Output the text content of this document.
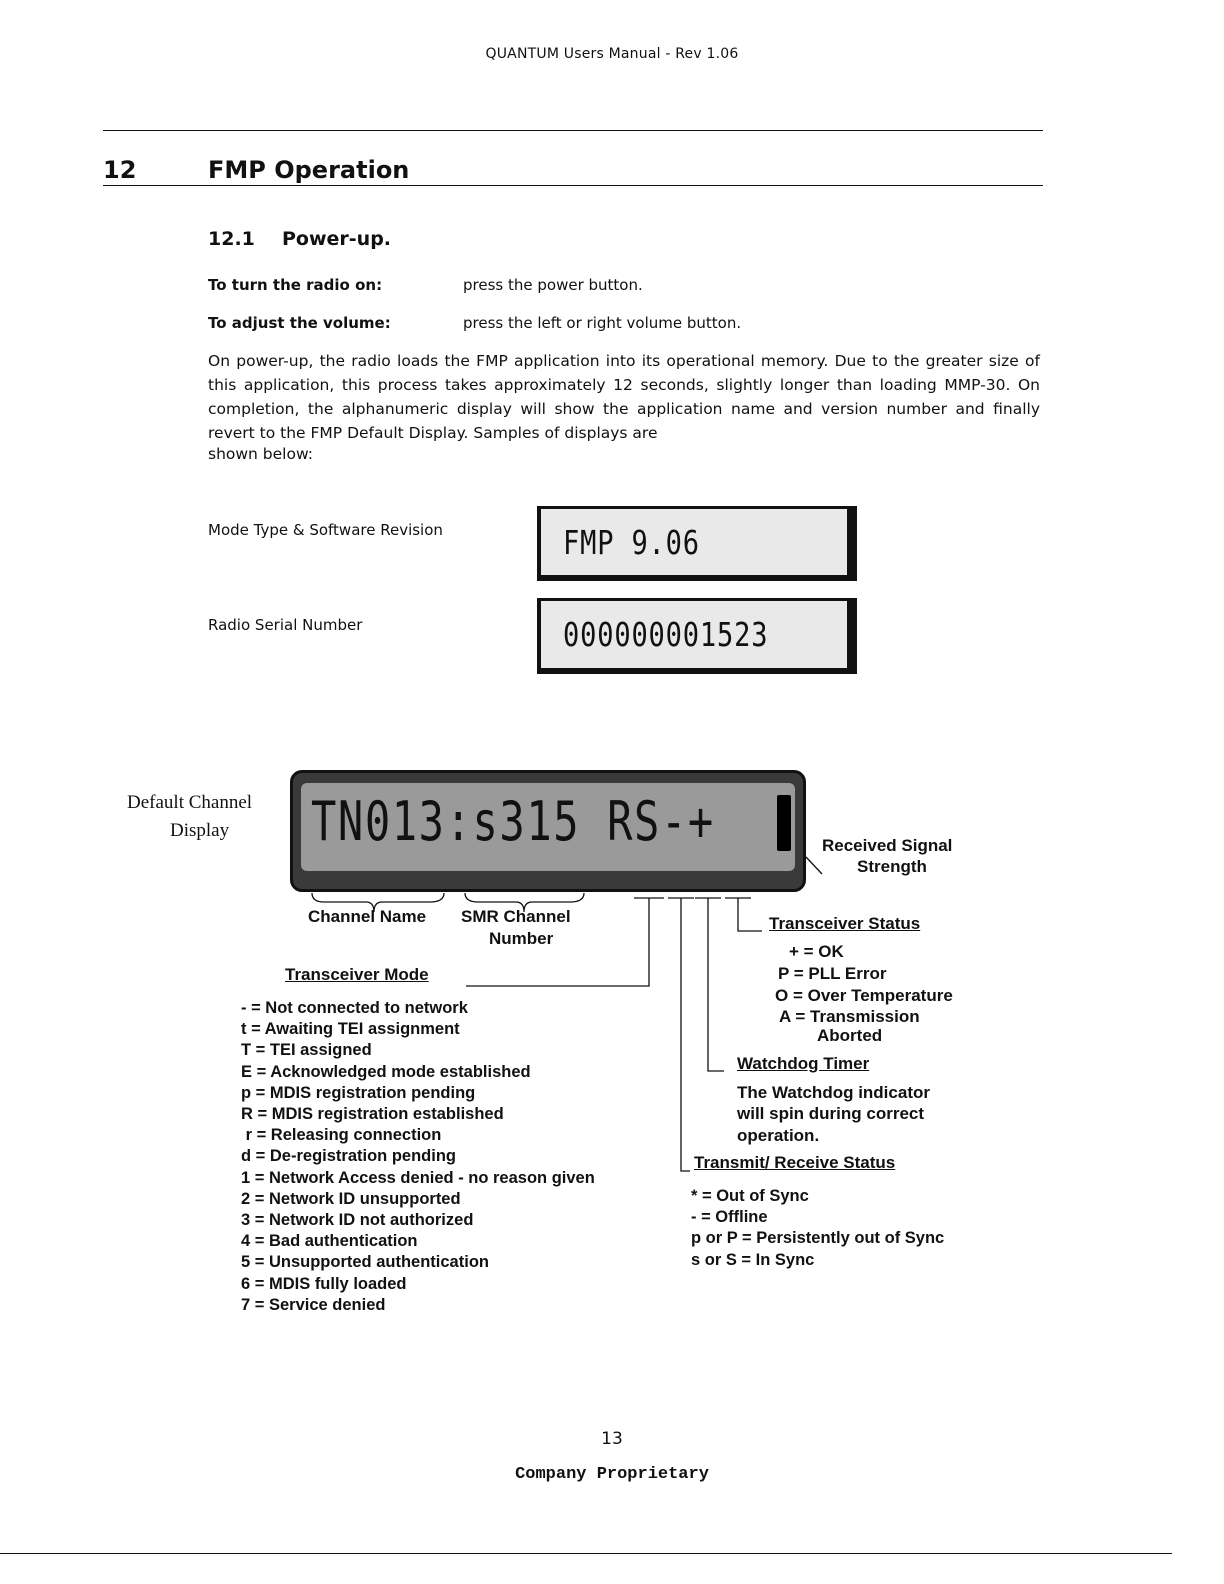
QUANTUM Users Manual - Rev 1.06
12	FMP Operation
12.1 Power-up.
To turn the radio on:	press the power button.
To adjust the volume:	press the left or right volume button.
On power-up, the radio loads the FMP application into its operational memory. Due to the greater size of this application, this process takes approximately 12 seconds, slightly longer than loading MMP-30. On completion, the alphanumeric display will show the application name and version number and finally revert to the FMP Default Display. Samples of displays are
shown below:
Mode Type & Software Revision	FMP 9.06
Radio Serial Number	000000001523
Default Channel
Display TN013:s315 RS-+	Received Signal
Strength
Channel Name SMR Channel
Number
Transceiver Mode
- = Not connected to network
t = Awaiting TEI assignment
T = TEI assigned
E = Acknowledged mode established
p = MDIS registration pending
R = MDIS registration established
r = Releasing connection
d = De-registration pending
1 = Network Access denied - no reason given
2 = Network ID unsupported
3 = Network ID not authorized
4 = Bad authentication
5 = Unsupported authentication
6 = MDIS fully loaded
7 = Service denied
Transceiver Status
+ = OK
P = PLL Error
O = Over Temperature
A = Transmission
Aborted
Watchdog Timer
The Watchdog indicator
will spin during correct
operation.
Transmit/ Receive Status
* = Out of Sync
- = Offline
p or P = Persistently out of Sync
s or S = In Sync
13
Company Proprietary
